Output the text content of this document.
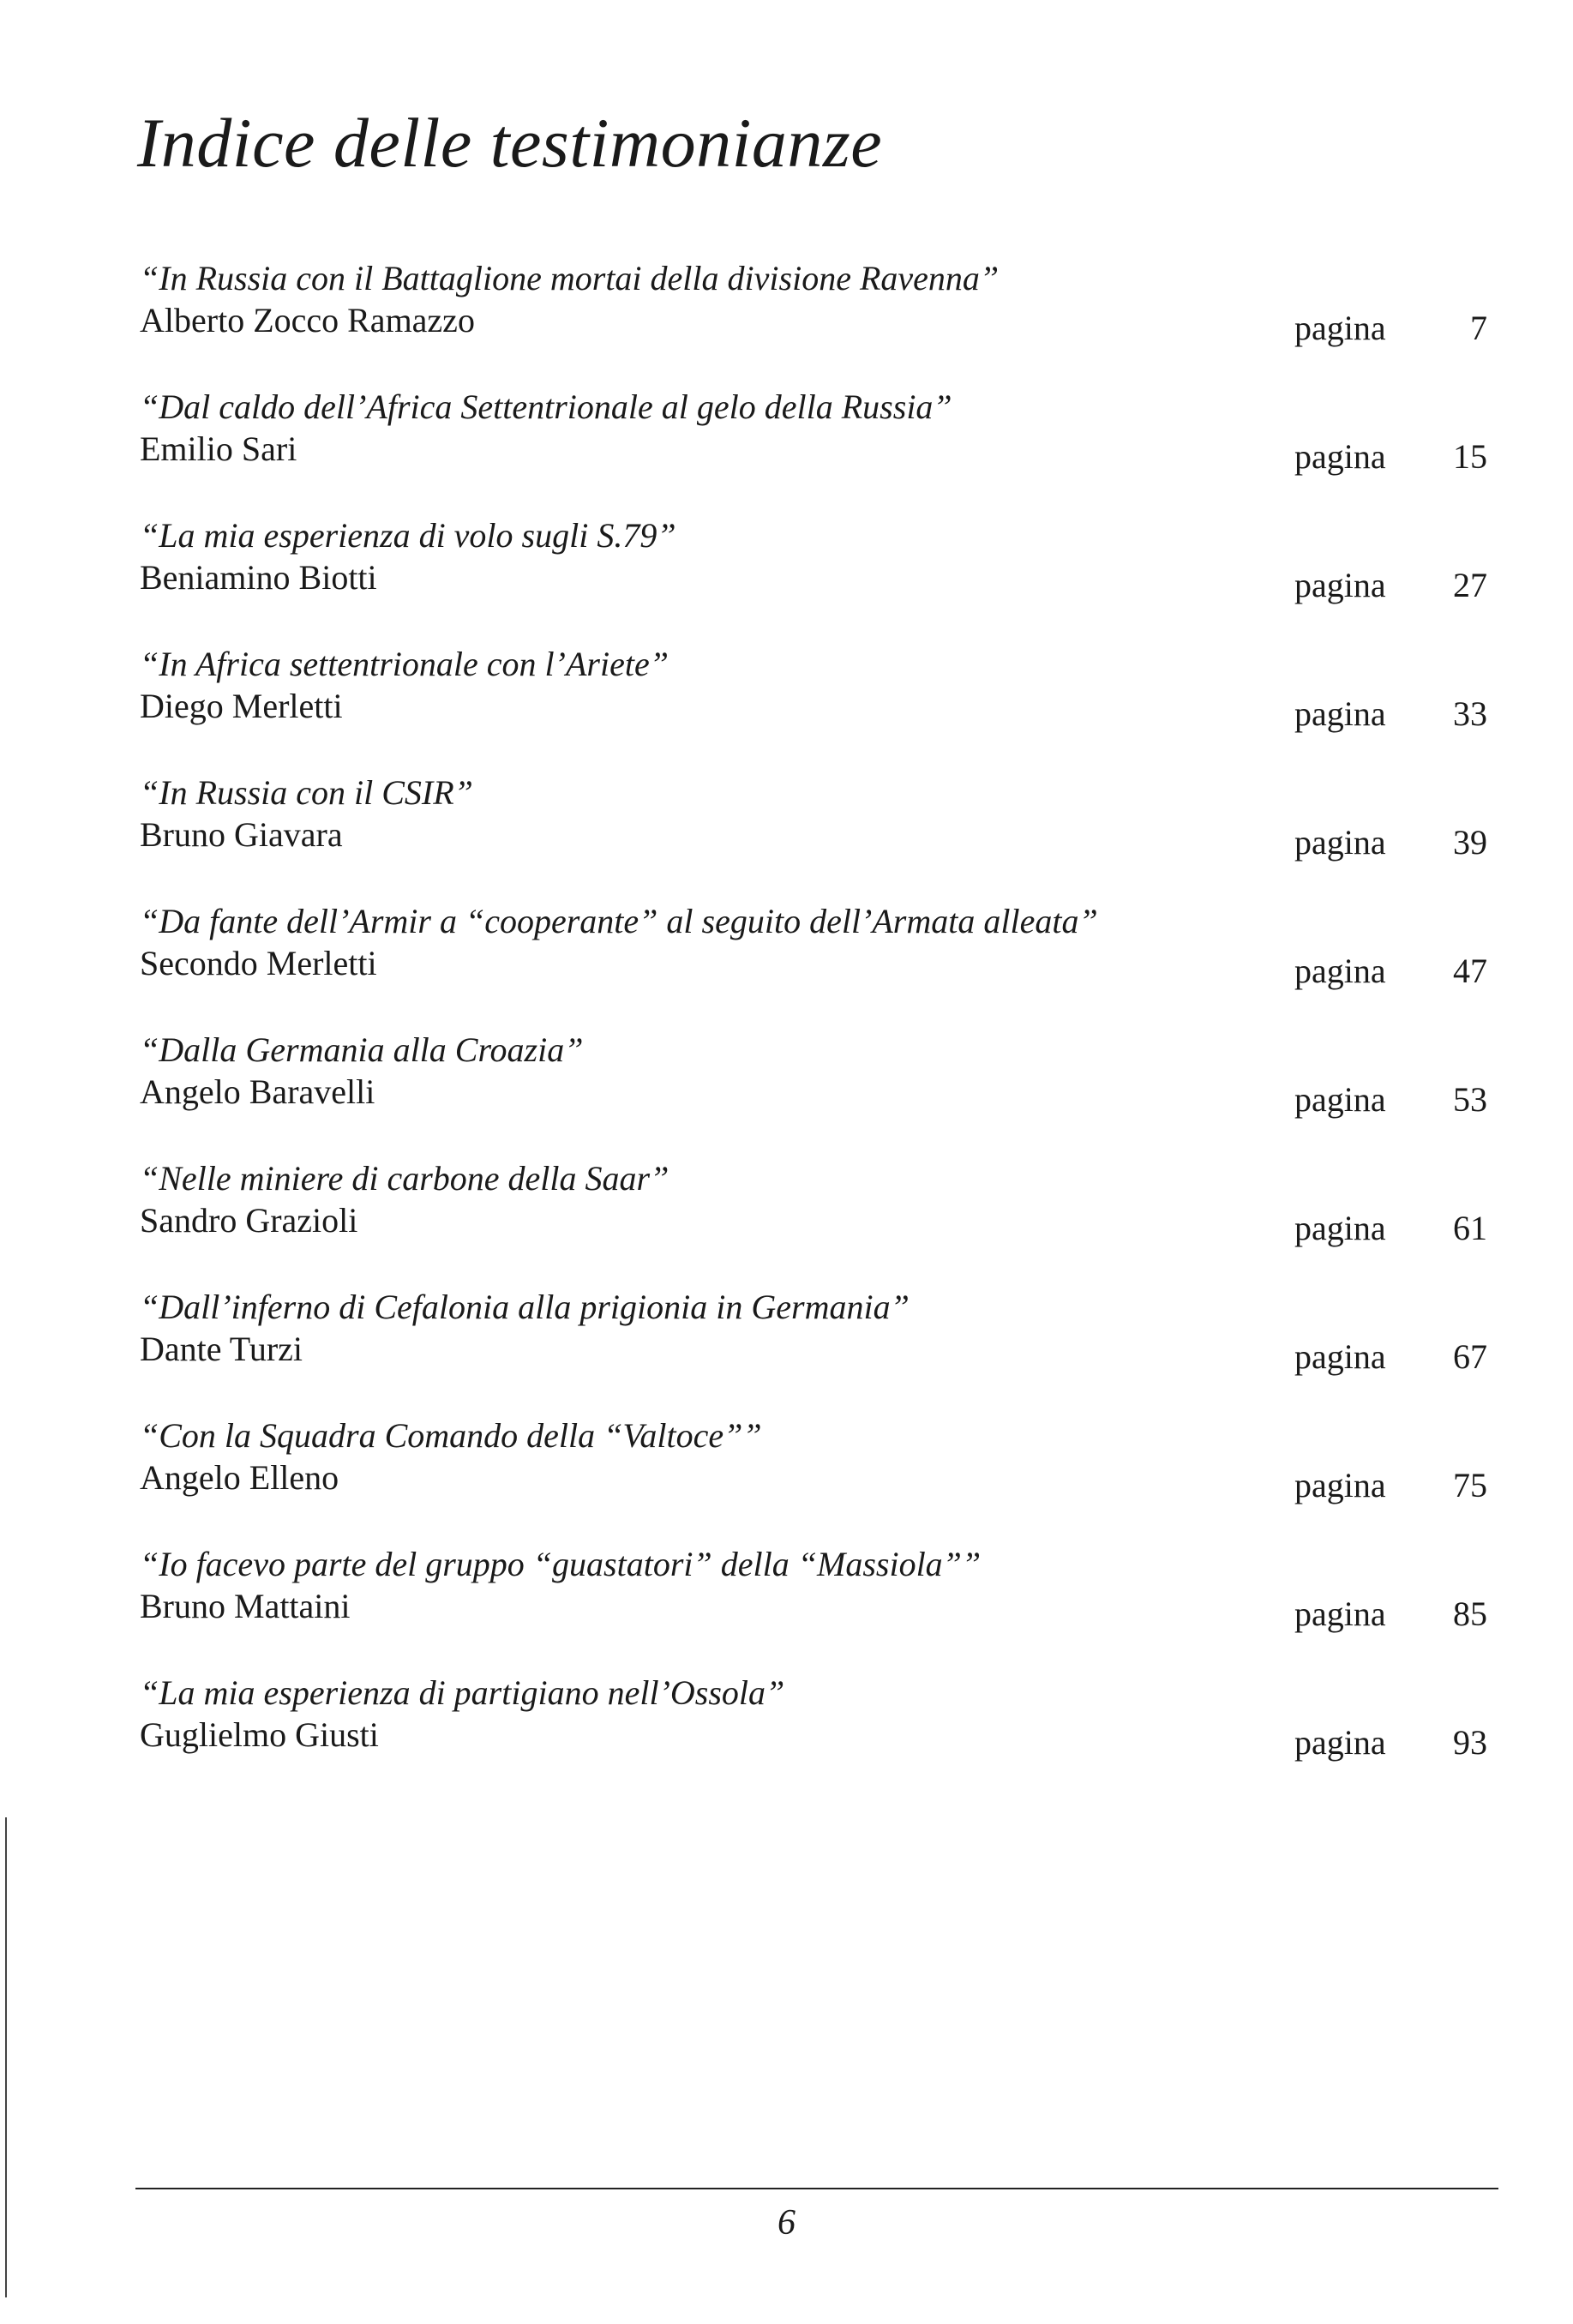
Indice delle testimonianze
“In Russia con il Battaglione mortai della divisione Ravenna”
Alberto Zocco Ramazzo	pagina 7
“Dal caldo dell’Africa Settentrionale al gelo della Russia”
Emilio Sari	pagina 15
“La mia esperienza di volo sugli S.79”
Beniamino Biotti	pagina 27
“In Africa settentrionale con l’Ariete”
Diego Merletti	pagina 33
“In Russia con il CSIR”
Bruno Giavara	pagina 39
“Da fante dell’Armir a “cooperante” al seguito dell’Armata alleata”
Secondo Merletti	pagina 47
“Dalla Germania alla Croazia”
Angelo Baravelli	pagina 53
“Nelle miniere di carbone della Saar”
Sandro Grazioli	pagina 61
“Dall’inferno di Cefalonia alla prigionia in Germania”
Dante Turzi	pagina 67
“Con la Squadra Comando della “Valtoce””
Angelo Elleno	pagina 75
“Io facevo parte del gruppo “guastatori” della “Massiola””
Bruno Mattaini	pagina 85
“La mia esperienza di partigiano nell’Ossola”
Guglielmo Giusti	pagina 93
6
